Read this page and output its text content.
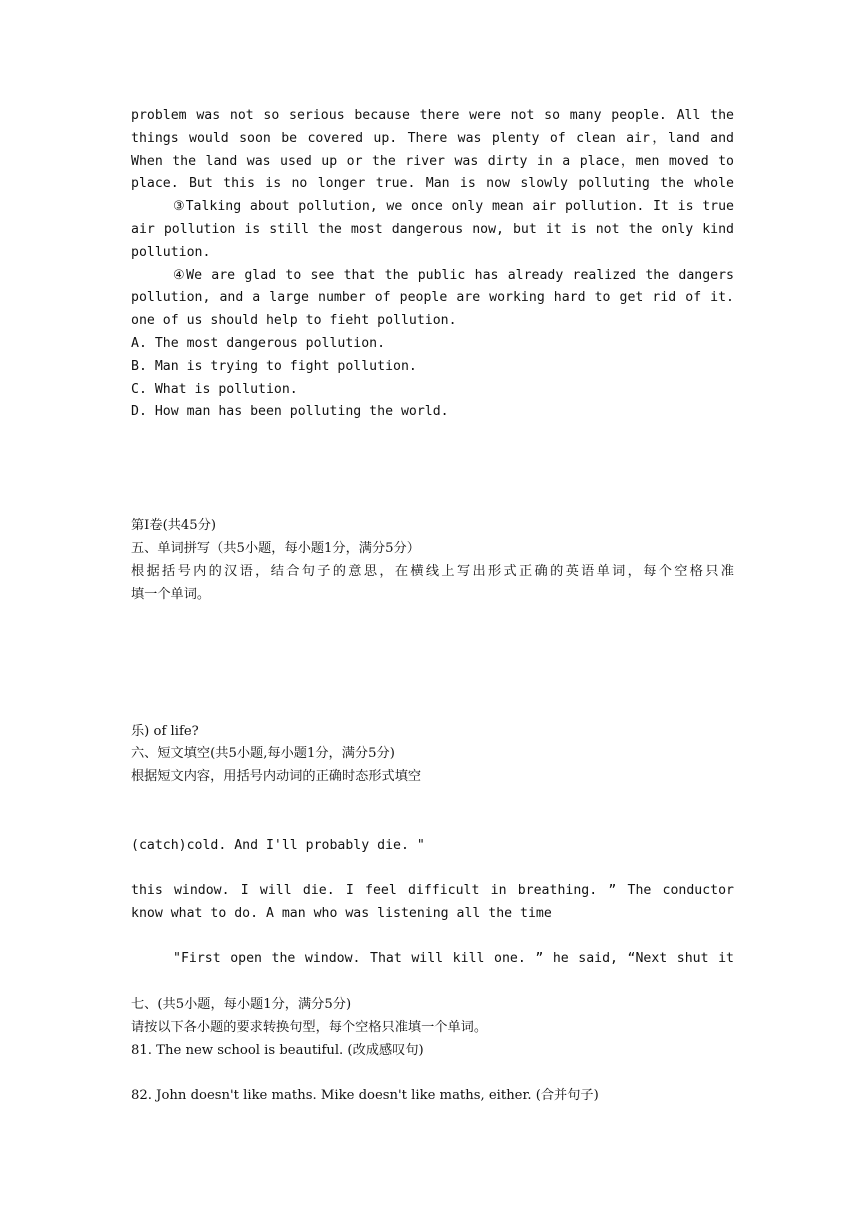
problem was not so serious because there were not so many people. All the
things would soon be covered up. There was plenty of clean air，land and
When the land was used up or the river was dirty in a place，men moved to
place. But this is no longer true. Man is now slowly polluting the whole
③Talking about pollution, we once only mean air pollution. It is true
air pollution is still the most dangerous now, but it is not the only kind
pollution.
④We are glad to see that the public has already realized the dangers
pollution, and a large number of people are working hard to get rid of it.
one of us should help to fieht pollution.
A. The most dangerous pollution.
B. Man is trying to fight pollution.
C. What is pollution.
D. How man has been polluting the world.

第I卷(共45分)
五、单词拼写（共5小题，每小题1分，满分5分）
根据括号内的汉语，结合句子的意思，在横线上写出形式正确的英语单词，每个空格只准
填一个单词。

乐) of life?
六、短文填空(共5小题,每小题1分，满分5分)
根据短文内容，用括号内动词的正确时态形式填空

(catch)cold. And I'll probably die. "

this window. I will die. I feel difficult in breathing. ” The conductor
know what to do. A man who was listening all the time

"First open the window. That will kill one. ” he said, “Next shut it

七、(共5小题，每小题1分，满分5分)
请按以下各小题的要求转换句型，每个空格只准填一个单词。
81. The new school is beautiful. (改成感叹句)

82. John doesn't like maths. Mike doesn't like maths, either. (合并句子)
